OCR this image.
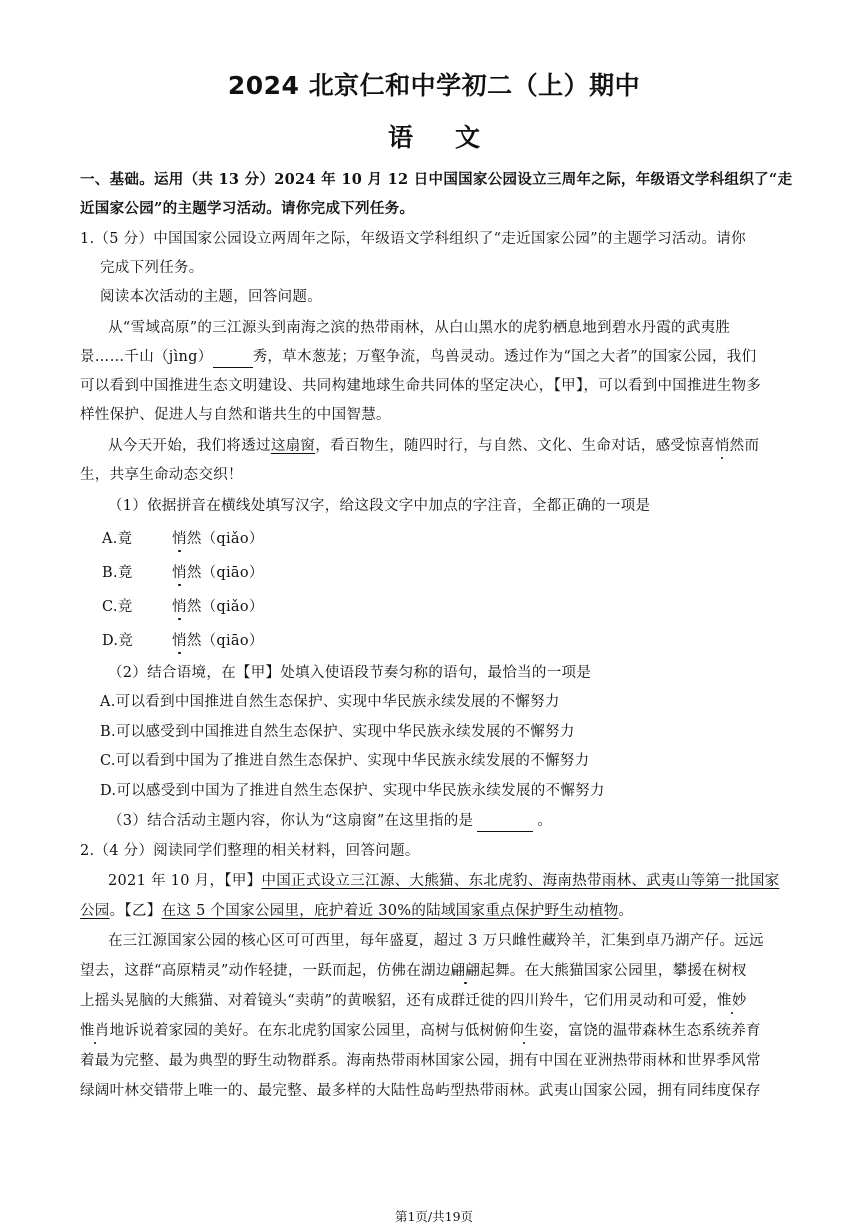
2024 北京仁和中学初二（上）期中
语文
一、基础。运用（共 13 分）2024 年 10 月 12 日中国国家公园设立三周年之际，年级语文学科组织了“走
近国家公园”的主题学习活动。请你完成下列任务。
1.（5 分）中国国家公园设立两周年之际，年级语文学科组织了“走近国家公园”的主题学习活动。请你
完成下列任务。
阅读本次活动的主题，回答问题。
从“雪域高原”的三江源头到南海之滨的热带雨林，从白山黑水的虎豹栖息地到碧水丹霞的武夷胜
景……千山（jìng）	秀，草木葱茏；万壑争流，鸟兽灵动。透过作为“国之大者”的国家公园，我们
可以看到中国推进生态文明建设、共同构建地球生命共同体的坚定决心，【甲】，可以看到中国推进生物多
样性保护、促进人与自然和谐共生的中国智慧。
从今天开始，我们将透过这扇窗，看百物生，随四时行，与自然、文化、生命对话，感受惊喜悄然而
生，共享生命动态交织！
（1）依据拼音在横线处填写汉字，给这段文字中加点的字注音，全都正确的一项是
A.竟	悄然（qiǎo）
B.竟	悄然（qiāo）
C.竞	悄然（qiǎo）
D.竞	悄然（qiāo）
（2）结合语境，在【甲】处填入使语段节奏匀称的语句，最恰当的一项是
A.可以看到中国推进自然生态保护、实现中华民族永续发展的不懈努力
B.可以感受到中国推进自然生态保护、实现中华民族永续发展的不懈努力
C.可以看到中国为了推进自然生态保护、实现中华民族永续发展的不懈努力
D.可以感受到中国为了推进自然生态保护、实现中华民族永续发展的不懈努力
（3）结合活动主题内容，你认为“这扇窗”在这里指的是	。
2.（4 分）阅读同学们整理的相关材料，回答问题。
2021 年 10 月，【甲】中国正式设立三江源、大熊猫、东北虎豹、海南热带雨林、武夷山等第一批国家
公园。【乙】在这 5 个国家公园里，庇护着近 30%的陆域国家重点保护野生动植物。
在三江源国家公园的核心区可可西里，每年盛夏，超过 3 万只雌性藏羚羊，汇集到卓乃湖产仔。远远
望去，这群“高原精灵”动作轻捷，一跃而起，仿佛在湖边翩翩起舞。在大熊猫国家公园里，攀援在树杈
上摇头晃脑的大熊猫、对着镜头“卖萌”的黄喉貂，还有成群迁徙的四川羚牛，它们用灵动和可爱，惟妙
惟肖地诉说着家园的美好。在东北虎豹国家公园里，高树与低树俯仰生姿，富饶的温带森林生态系统养育
着最为完整、最为典型的野生动物群系。海南热带雨林国家公园，拥有中国在亚洲热带雨林和世界季风常
绿阔叶林交错带上唯一的、最完整、最多样的大陆性岛屿型热带雨林。武夷山国家公园，拥有同纬度保存
第1页/共19页
